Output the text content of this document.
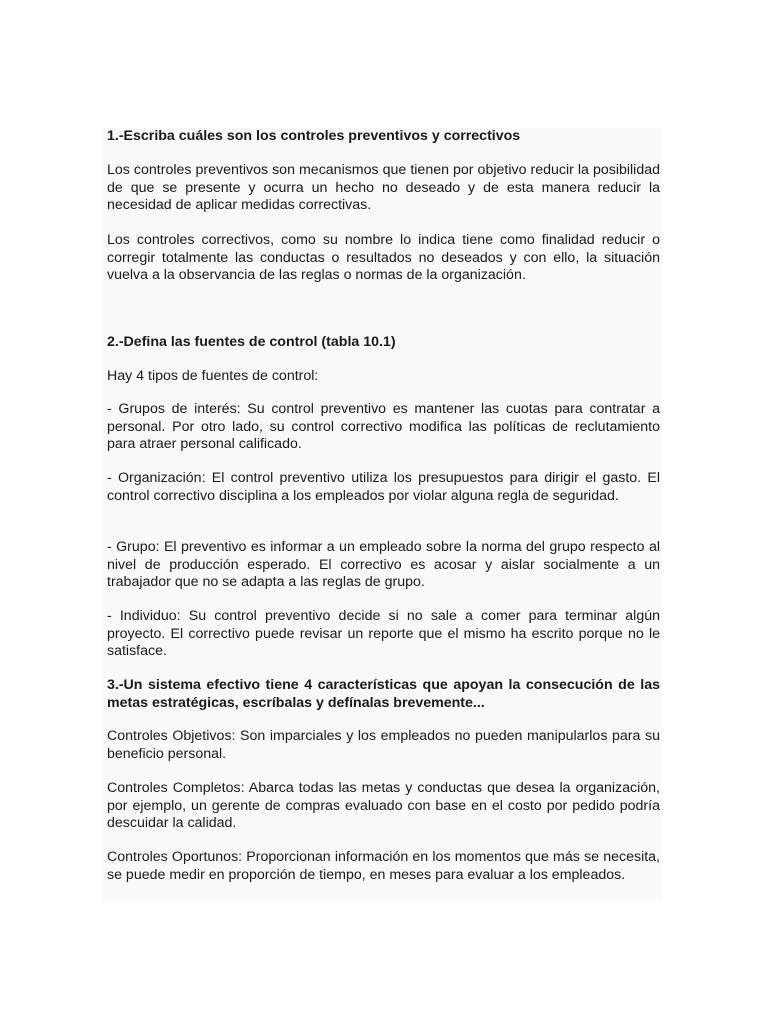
1.-Escriba cuáles son los controles preventivos y correctivos

Los controles preventivos son mecanismos que tienen por objetivo reducir la posibilidad de que se presente y ocurra un hecho no deseado y de esta manera reducir la necesidad de aplicar medidas correctivas.

Los controles correctivos, como su nombre lo indica tiene como finalidad reducir o corregir totalmente las conductas o resultados no deseados y con ello, la situación vuelva a la observancia de las reglas o normas de la organización.

2.-Defina las fuentes de control (tabla 10.1)

Hay 4 tipos de fuentes de control:

- Grupos de interés: Su control preventivo es mantener las cuotas para contratar a personal. Por otro lado, su control correctivo modifica las políticas de reclutamiento para atraer personal calificado.

- Organización: El control preventivo utiliza los presupuestos para dirigir el gasto. El control correctivo disciplina a los empleados por violar alguna regla de seguridad.

- Grupo: El preventivo es informar a un empleado sobre la norma del grupo respecto al nivel de producción esperado. El correctivo es acosar y aislar socialmente a un trabajador que no se adapta a las reglas de grupo.

- Individuo: Su control preventivo decide si no sale a comer para terminar algún proyecto. El correctivo puede revisar un reporte que el mismo ha escrito porque no le satisface.

3.-Un sistema efectivo tiene 4 características que apoyan la consecución de las metas estratégicas, escríbalas y defínalas brevemente...

Controles Objetivos: Son imparciales y los empleados no pueden manipularlos para su beneficio personal.

Controles Completos: Abarca todas las metas y conductas que desea la organización, por ejemplo, un gerente de compras evaluado con base en el costo por pedido podría descuidar la calidad.

Controles Oportunos: Proporcionan información en los momentos que más se necesita, se puede medir en proporción de tiempo, en meses para evaluar a los empleados.
